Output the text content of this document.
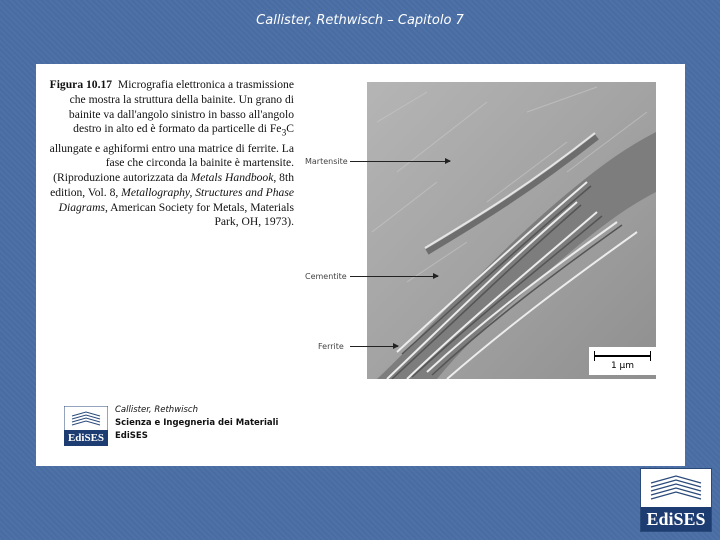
Callister, Rethwisch – Capitolo 7
Figura 10.17 Micrografia elettronica a trasmissione che mostra la struttura della bainite. Un grano di bainite va dall'angolo sinistro in basso all'angolo destro in alto ed è formato da particelle di $Fe_3C$ allungate e aghiformi entro una matrice di ferrite. La fase che circonda la bainite è martensite. (Riproduzione autorizzata da Metals Handbook, 8th edition, Vol. 8, Metallography, Structures and Phase Diagrams, American Society for Metals, Materials Park, OH, 1973).
Martensite
Cementite
Ferrite
1 μm
EdiSES
Callister, Rethwisch
Scienza e Ingegneria dei Materiali
EdiSES
EdiSES
